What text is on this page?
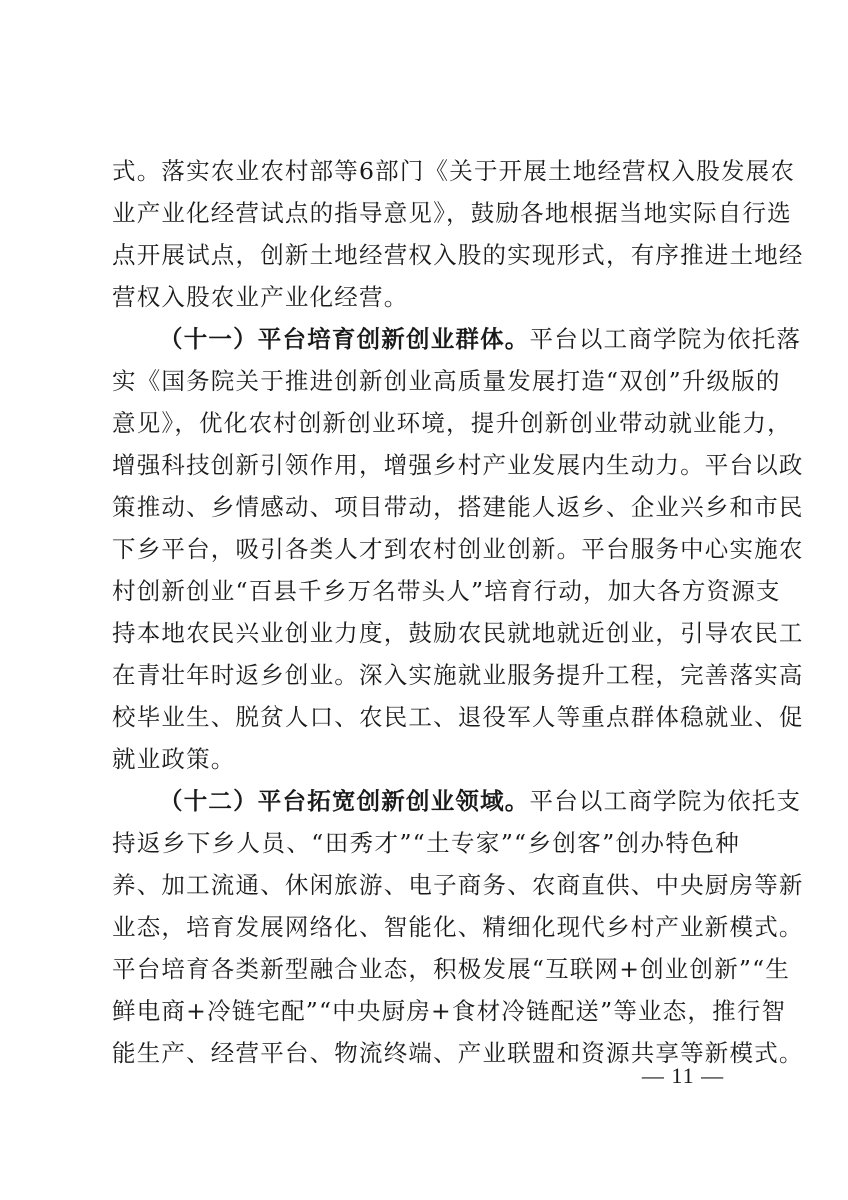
式。落实农业农村部等6部门《关于开展土地经营权入股发展农
业产业化经营试点的指导意见》，鼓励各地根据当地实际自行选
点开展试点，创新土地经营权入股的实现形式，有序推进土地经
营权入股农业产业化经营。
（十一）平台培育创新创业群体。平台以工商学院为依托落
实《国务院关于推进创新创业高质量发展打造“双创”升级版的
意见》，优化农村创新创业环境，提升创新创业带动就业能力，
增强科技创新引领作用，增强乡村产业发展内生动力。平台以政
策推动、乡情感动、项目带动，搭建能人返乡、企业兴乡和市民
下乡平台，吸引各类人才到农村创业创新。平台服务中心实施农
村创新创业“百县千乡万名带头人”培育行动，加大各方资源支
持本地农民兴业创业力度，鼓励农民就地就近创业，引导农民工
在青壮年时返乡创业。深入实施就业服务提升工程，完善落实高
校毕业生、脱贫人口、农民工、退役军人等重点群体稳就业、促
就业政策。
（十二）平台拓宽创新创业领域。平台以工商学院为依托支
持返乡下乡人员、“田秀才”“土专家”“乡创客”创办特色种
养、加工流通、休闲旅游、电子商务、农商直供、中央厨房等新
业态，培育发展网络化、智能化、精细化现代乡村产业新模式。
平台培育各类新型融合业态，积极发展“互联网+创业创新”“生
鲜电商+冷链宅配”“中央厨房+食材冷链配送”等业态，推行智
能生产、经营平台、物流终端、产业联盟和资源共享等新模式。
— 11 —
